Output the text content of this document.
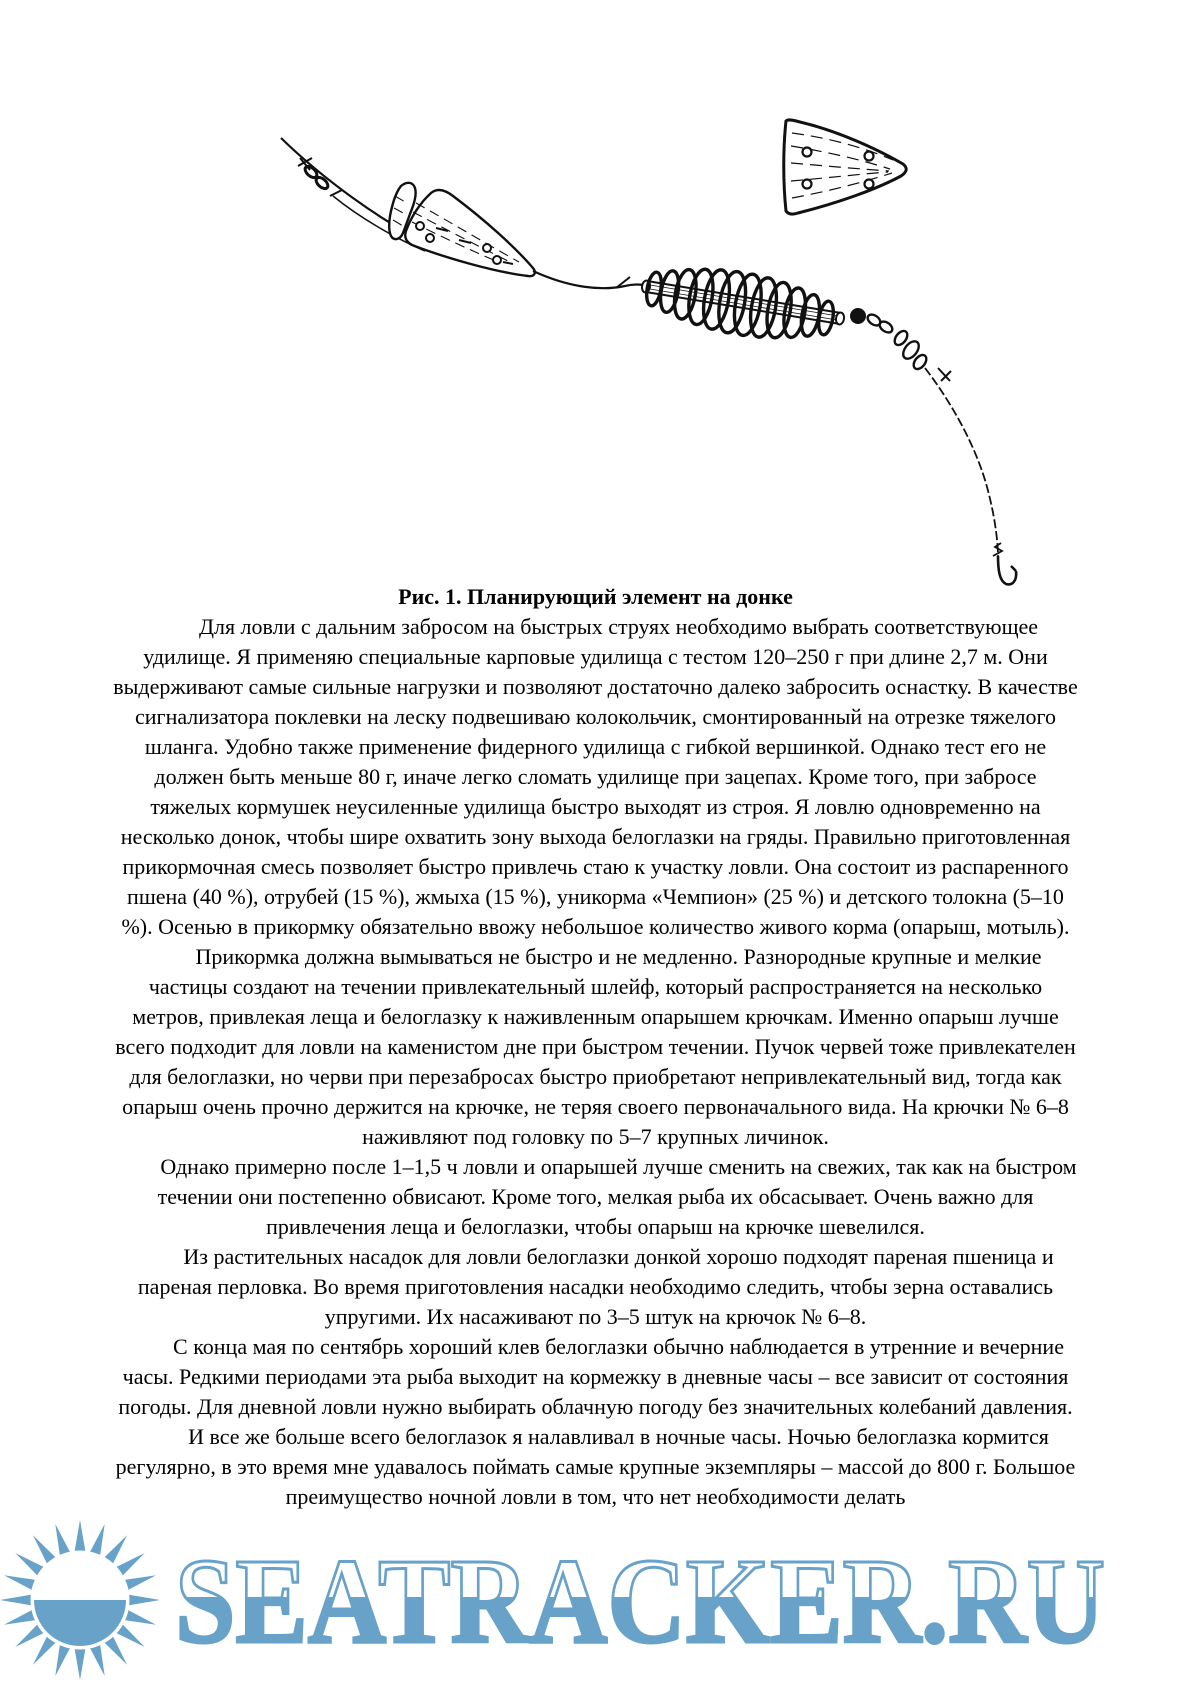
Рис. 1. Планирующий элемент на донке

Для ловли с дальним забросом на быстрых струях необходимо выбрать соответствующее удилище. Я применяю специальные карповые удилища с тестом 120–250 г при длине 2,7 м. Они выдерживают самые сильные нагрузки и позволяют достаточно далеко забросить оснастку. В качестве сигнализатора поклевки на леску подвешиваю колокольчик, смонтированный на отрезке тяжелого шланга. Удобно также применение фидерного удилища с гибкой вершинкой. Однако тест его не должен быть меньше 80 г, иначе легко сломать удилище при зацепах. Кроме того, при забросе тяжелых кормушек неусиленные удилища быстро выходят из строя. Я ловлю одновременно на несколько донок, чтобы шире охватить зону выхода белоглазки на гряды. Правильно приготовленная прикормочная смесь позволяет быстро привлечь стаю к участку ловли. Она состоит из распаренного пшена (40 %), отрубей (15 %), жмыха (15 %), уникорма «Чемпион» (25 %) и детского толокна (5–10 %). Осенью в прикормку обязательно ввожу небольшое количество живого корма (опарыш, мотыль).

Прикормка должна вымываться не быстро и не медленно. Разнородные крупные и мелкие частицы создают на течении привлекательный шлейф, который распространяется на несколько метров, привлекая леща и белоглазку к наживленным опарышем крючкам. Именно опарыш лучше всего подходит для ловли на каменистом дне при быстром течении. Пучок червей тоже привлекателен для белоглазки, но черви при перезабросах быстро приобретают непривлекательный вид, тогда как опарыш очень прочно держится на крючке, не теряя своего первоначального вида. На крючки № 6–8 наживляют под головку по 5–7 крупных личинок.

Однако примерно после 1–1,5 ч ловли и опарышей лучше сменить на свежих, так как на быстром течении они постепенно обвисают. Кроме того, мелкая рыба их обсасывает. Очень важно для привлечения леща и белоглазки, чтобы опарыш на крючке шевелился.

Из растительных насадок для ловли белоглазки донкой хорошо подходят пареная пшеница и пареная перловка. Во время приготовления насадки необходимо следить, чтобы зерна оставались упругими. Их насаживают по 3–5 штук на крючок № 6–8.

С конца мая по сентябрь хороший клев белоглазки обычно наблюдается в утренние и вечерние часы. Редкими периодами эта рыба выходит на кормежку в дневные часы – все зависит от состояния погоды. Для дневной ловли нужно выбирать облачную погоду без значительных колебаний давления.

И все же больше всего белоглазок я налавливал в ночные часы. Ночью белоглазка кормится регулярно, в это время мне удавалось поймать самые крупные экземпляры – массой до 800 г. Большое преимущество ночной ловли в том, что нет необходимости делать

SEATRACKER.RU
